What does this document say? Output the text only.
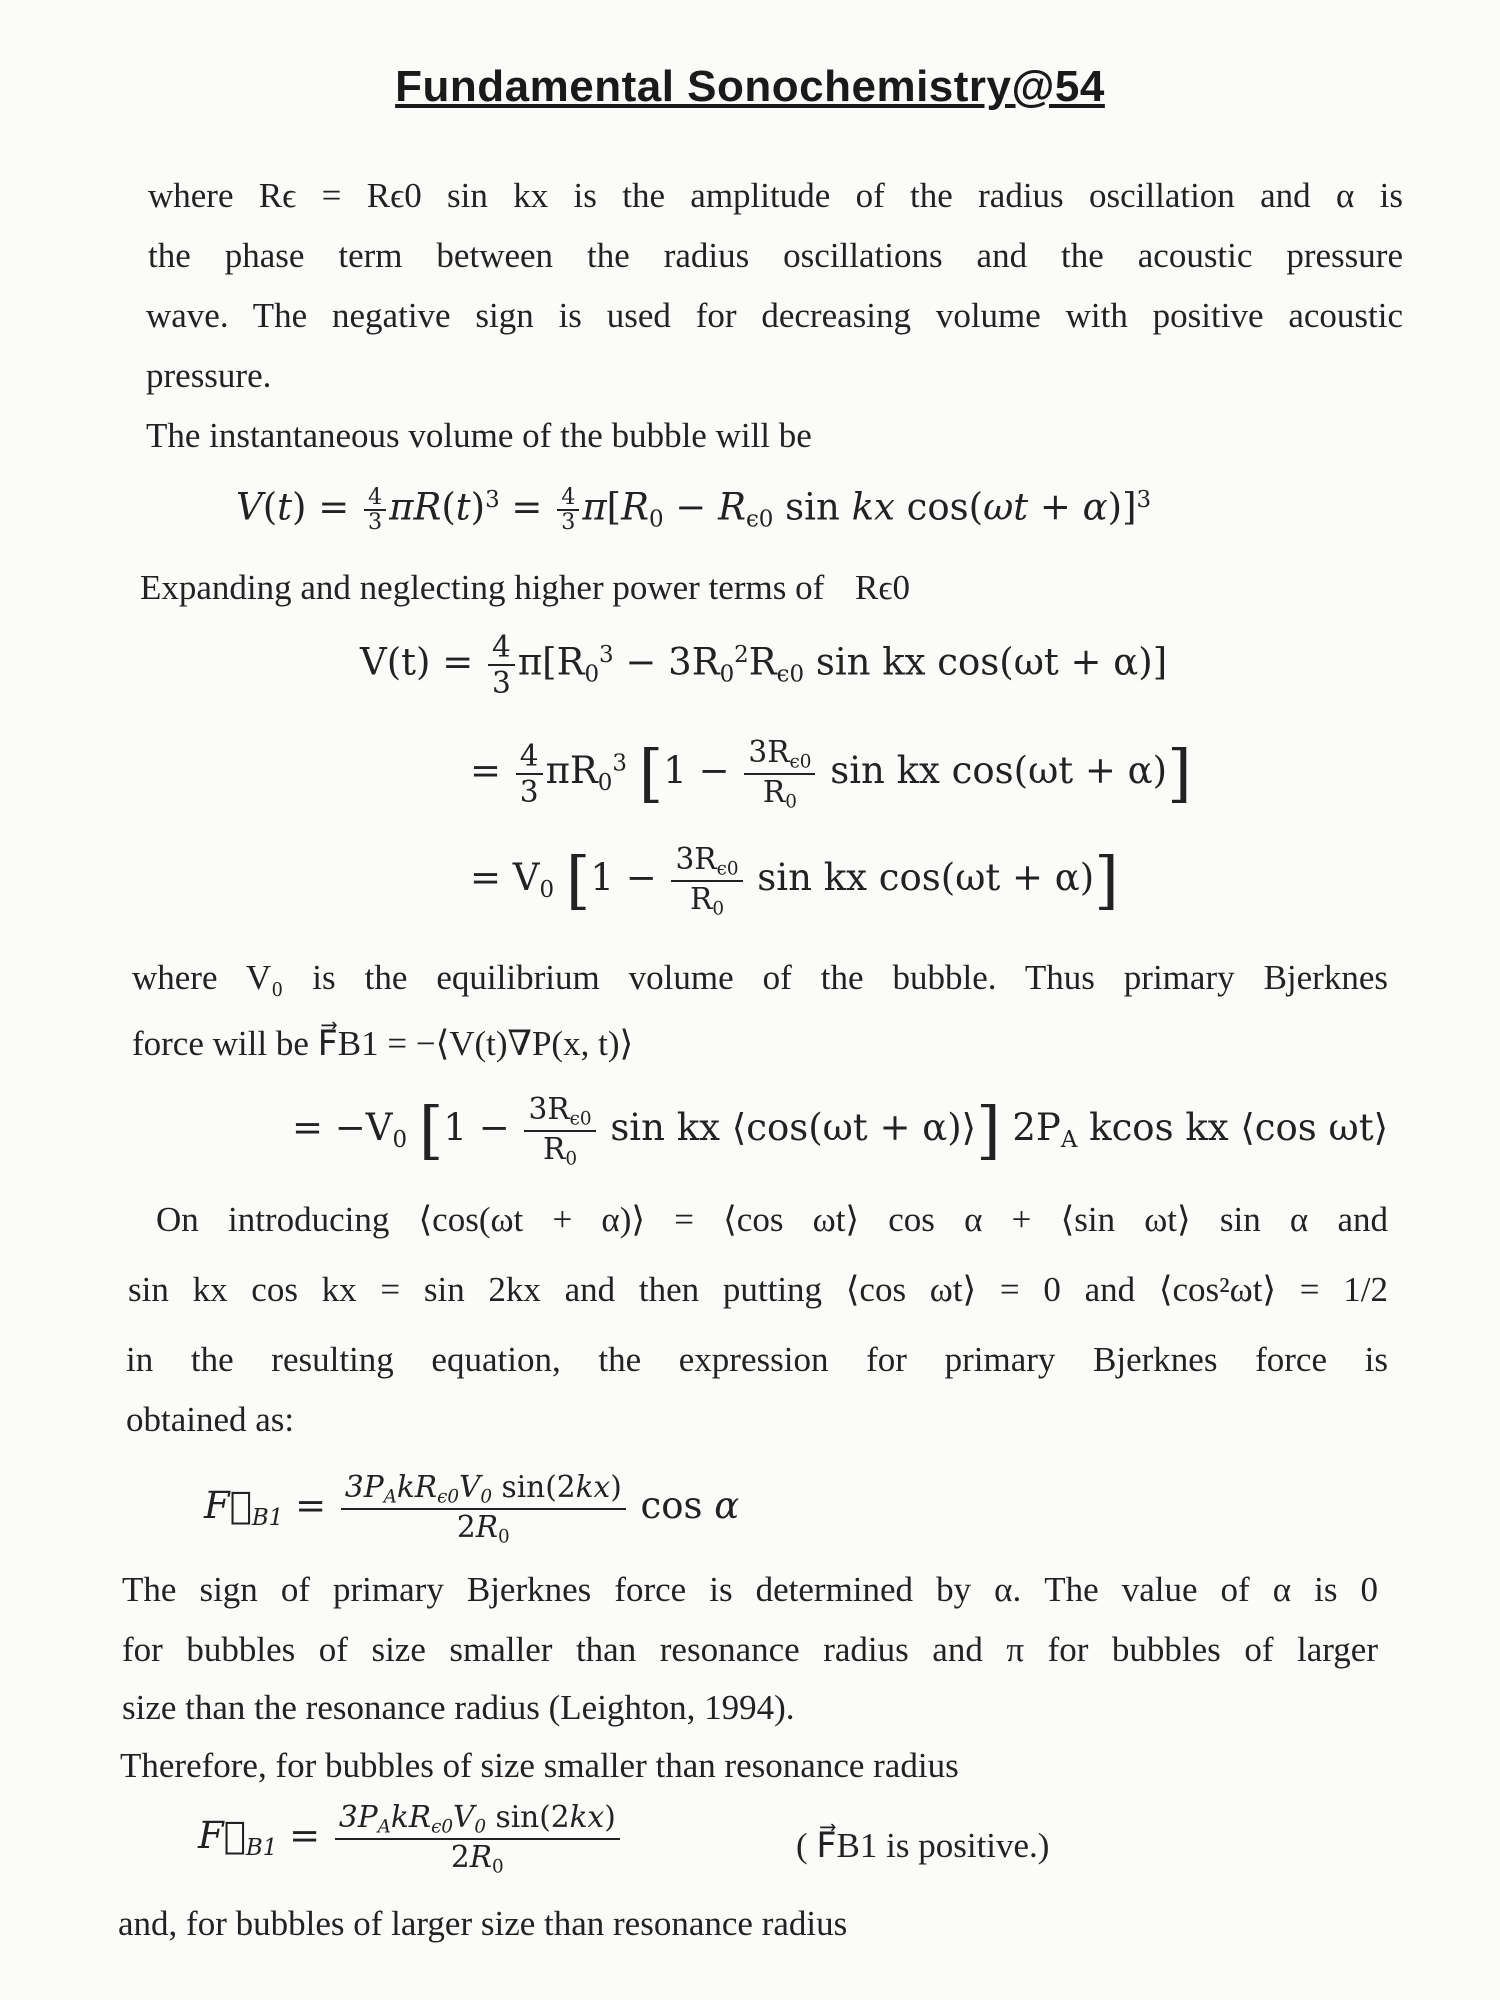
Fundamental Sonochemistry@54
where Rϵ = Rϵ0 sin kx is the amplitude of the radius oscillation and α is
the phase term between the radius oscillations and the acoustic pressure
wave. The negative sign is used for decreasing volume with positive acoustic
pressure.
The instantaneous volume of the bubble will be
$V(t) = \frac{4}{3} \pi R(t)^3 = \frac{4}{3} \pi[R_0 - R_{\epsilon 0}$ sin kx cos(ωt + α)]$^3$
Expanding and neglecting higher power terms of Rϵ0
$V(t) = \frac{4}{3} \pi[R_0^3 - 3R_0^2R_{\epsilon 0}$ sin kx cos(ωt + α)]
= $\frac{4}{3} \pi R_0^3$ [$1 - \frac{3R_{\epsilon 0}}{R_0}$ sin kx cos(ωt + α)]
= $V_0$ [$1 - \frac{3R_{\epsilon 0}}{R_0}$ sin kx cos(ωt + α)]
where V₀ is the equilibrium volume of the bubble. Thus primary Bjerknes
force will be F⃗B1 = −⟨V(t)∇P(x, t)⟩
= $-V_0$ [$1 - \frac{3R_{\epsilon 0}}{R_0}$ sin kx ⟨cos(ωt + α)⟩] $2P_A$ kcos kx ⟨cos ωt⟩
On introducing ⟨cos(ωt + α)⟩ = ⟨cos ωt⟩ cos α + ⟨sin ωt⟩ sin α and
sin kx cos kx = sin 2kx and then putting ⟨cos ωt⟩ = 0 and ⟨cos²ωt⟩ = 1/2
in the resulting equation, the expression for primary Bjerknes force is
obtained as:
$F⃗_{B1} = \frac{3P_AkR_{\epsilon 0}V_0 \sin(2kx)}{2R_0}$ cos α
The sign of primary Bjerknes force is determined by α. The value of α is 0
for bubbles of size smaller than resonance radius and π for bubbles of larger
size than the resonance radius (Leighton, 1994).
Therefore, for bubbles of size smaller than resonance radius
$F⃗_{B1} = \frac{3P_AkR_{\epsilon 0}V_0 \sin(2kx)}{2R_0}$	( F⃗B1 is positive.)
and, for bubbles of larger size than resonance radius
